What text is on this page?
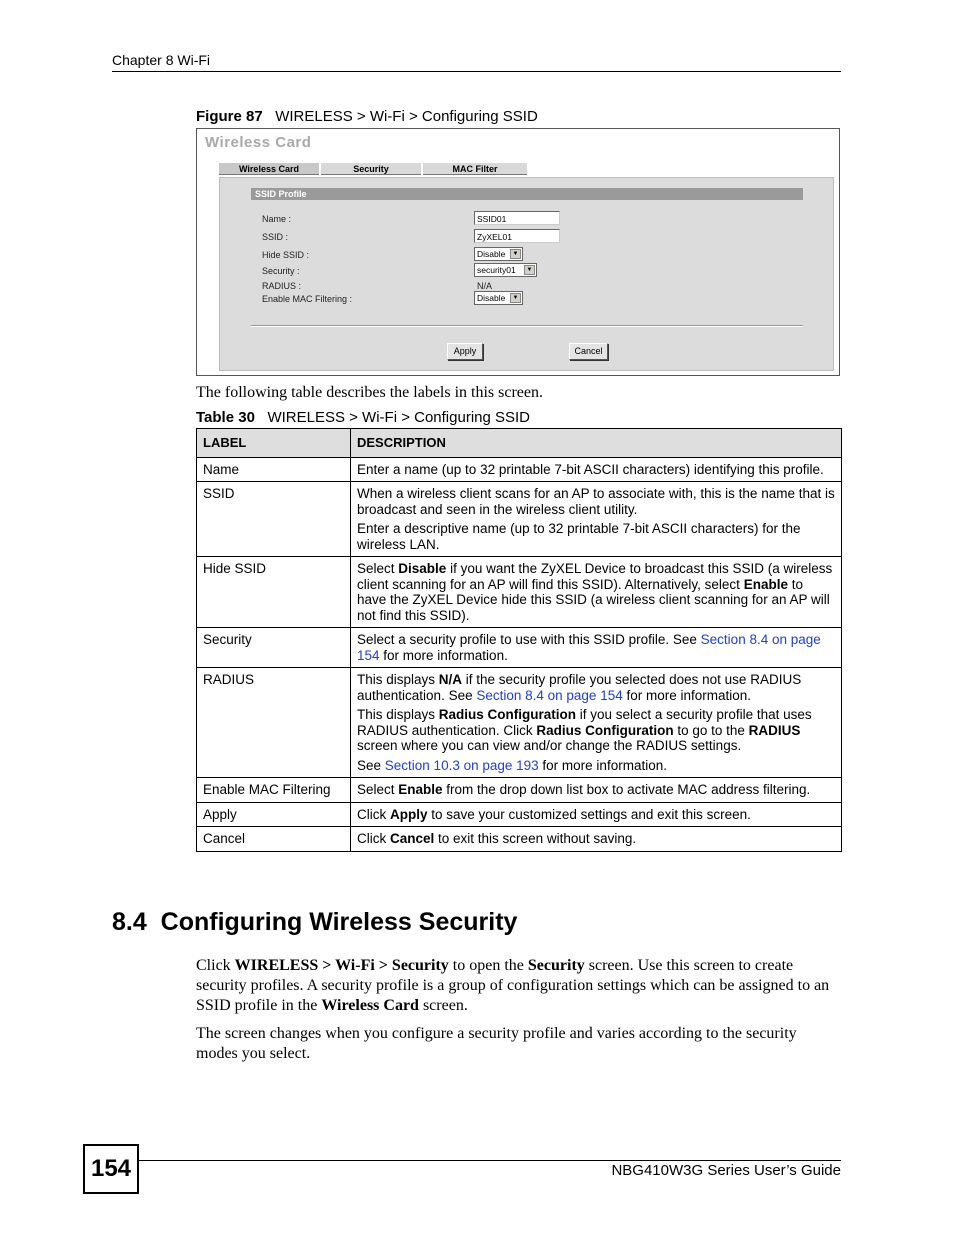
Chapter 8 Wi-Fi
Figure 87 WIRELESS > Wi-Fi > Configuring SSID
Wireless Card
Wireless Card	Security	MAC Filter
SSID Profile
Name :	SSID01
SSID :	ZyXEL01
Hide SSID :	Disable	▼
Security :	security01	▼
RADIUS :	N/A
Enable MAC Filtering :	Disable	▼
Apply	Cancel
The following table describes the labels in this screen.
Table 30 WIRELESS > Wi-Fi > Configuring SSID
LABEL	DESCRIPTION
Name	Enter a name (up to 32 printable 7-bit ASCII characters) identifying this profile.
SSID	When a wireless client scans for an AP to associate with, this is the name that is broadcast and seen in the wireless client utility.

Enter a descriptive name (up to 32 printable 7-bit ASCII characters) for the wireless LAN.

Hide SSID	Select Disable if you want the ZyXEL Device to broadcast this SSID (a wireless client scanning for an AP will find this SSID). Alternatively, select Enable to have the ZyXEL Device hide this SSID (a wireless client scanning for an AP will not find this SSID).
Security	Select a security profile to use with this SSID profile. See Section 8.4 on page 154 for more information.
RADIUS	This displays N/A if the security profile you selected does not use RADIUS authentication. See Section 8.4 on page 154 for more information.

This displays Radius Configuration if you select a security profile that uses RADIUS authentication. Click Radius Configuration to go to the RADIUS screen where you can view and/or change the RADIUS settings.

See Section 10.3 on page 193 for more information.

Enable MAC Filtering	Select Enable from the drop down list box to activate MAC address filtering.
Apply	Click Apply to save your customized settings and exit this screen.
Cancel	Click Cancel to exit this screen without saving.
8.4  Configuring Wireless Security
Click WIRELESS > Wi-Fi > Security to open the Security screen. Use this screen to create security profiles. A security profile is a group of configuration settings which can be assigned to an SSID profile in the Wireless Card screen.
The screen changes when you configure a security profile and varies according to the security modes you select.
154	NBG410W3G Series User’s Guide
